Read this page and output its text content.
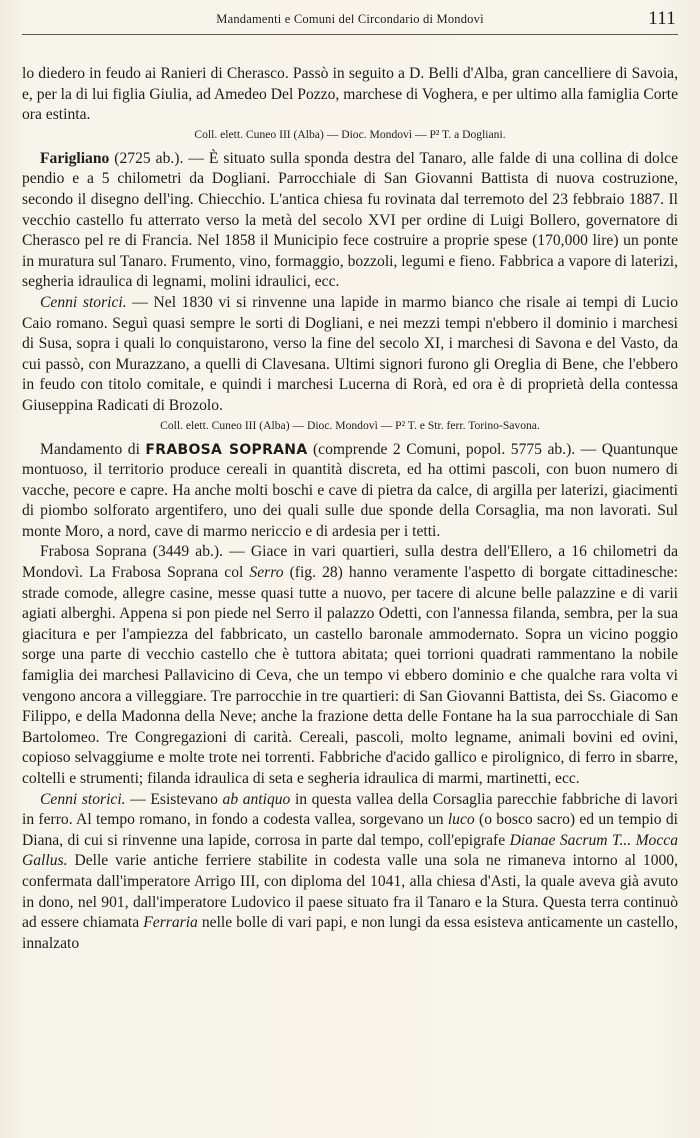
Mandamenti e Comuni del Circondario di Mondovì	111

lo diedero in feudo ai Ranieri di Cherasco. Passò in seguito a D. Belli d'Alba, gran cancelliere di Savoia, e, per la di lui figlia Giulia, ad Amedeo Del Pozzo, marchese di Voghera, e per ultimo alla famiglia Corte ora estinta.

Coll. elett. Cuneo III (Alba) — Dioc. Mondovì — P² T. a Dogliani.

Farigliano (2725 ab.). — È situato sulla sponda destra del Tanaro, alle falde di una collina di dolce pendio e a 5 chilometri da Dogliani. Parrocchiale di San Giovanni Battista di nuova costruzione, secondo il disegno dell'ing. Chiecchio. L'antica chiesa fu rovinata dal terremoto del 23 febbraio 1887. Il vecchio castello fu atterrato verso la metà del secolo XVI per ordine di Luigi Bollero, governatore di Cherasco pel re di Francia. Nel 1858 il Municipio fece costruire a proprie spese (170,000 lire) un ponte in muratura sul Tanaro. Frumento, vino, formaggio, bozzoli, legumi e fieno. Fabbrica a vapore di laterizi, segheria idraulica di legnami, molini idraulici, ecc.

Cenni storici. — Nel 1830 vi si rinvenne una lapide in marmo bianco che risale ai tempi di Lucio Caio romano. Seguì quasi sempre le sorti di Dogliani, e nei mezzi tempi n'ebbero il dominio i marchesi di Susa, sopra i quali lo conquistarono, verso la fine del secolo XI, i marchesi di Savona e del Vasto, da cui passò, con Murazzano, a quelli di Clavesana. Ultimi signori furono gli Oreglia di Bene, che l'ebbero in feudo con titolo comitale, e quindi i marchesi Lucerna di Rorà, ed ora è di proprietà della contessa Giuseppina Radicati di Brozolo.

Coll. elett. Cuneo III (Alba) — Dioc. Mondovì — P² T. e Str. ferr. Torino-Savona.

Mandamento di FRABOSA SOPRANA (comprende 2 Comuni, popol. 5775 ab.). — Quantunque montuoso, il territorio produce cereali in quantità discreta, ed ha ottimi pascoli, con buon numero di vacche, pecore e capre. Ha anche molti boschi e cave di pietra da calce, di argilla per laterizi, giacimenti di piombo solforato argentifero, uno dei quali sulle due sponde della Corsaglia, ma non lavorati. Sul monte Moro, a nord, cave di marmo nericcio e di ardesia per i tetti.

Frabosa Soprana (3449 ab.). — Giace in vari quartieri, sulla destra dell'Ellero, a 16 chilometri da Mondovì. La Frabosa Soprana col Serro (fig. 28) hanno veramente l'aspetto di borgate cittadinesche: strade comode, allegre casine, messe quasi tutte a nuovo, per tacere di alcune belle palazzine e di varii agiati alberghi. Appena si pon piede nel Serro il palazzo Odetti, con l'annessa filanda, sembra, per la sua giacitura e per l'ampiezza del fabbricato, un castello baronale ammodernato. Sopra un vicino poggio sorge una parte di vecchio castello che è tuttora abitata; quei torrioni quadrati rammentano la nobile famiglia dei marchesi Pallavicino di Ceva, che un tempo vi ebbero dominio e che qualche rara volta vi vengono ancora a villeggiare. Tre parrocchie in tre quartieri: di San Giovanni Battista, dei Ss. Giacomo e Filippo, e della Madonna della Neve; anche la frazione detta delle Fontane ha la sua parrocchiale di San Bartolomeo. Tre Congregazioni di carità. Cereali, pascoli, molto legname, animali bovini ed ovini, copioso selvaggiume e molte trote nei torrenti. Fabbriche d'acido gallico e pirolignico, di ferro in sbarre, coltelli e strumenti; filanda idraulica di seta e segheria idraulica di marmi, martinetti, ecc.

Cenni storici. — Esistevano ab antiquo in questa vallea della Corsaglia parecchie fabbriche di lavori in ferro. Al tempo romano, in fondo a codesta vallea, sorgevano un luco (o bosco sacro) ed un tempio di Diana, di cui si rinvenne una lapide, corrosa in parte dal tempo, coll'epigrafe Dianae Sacrum T... Mocca Gallus. Delle varie antiche ferriere stabilite in codesta valle una sola ne rimaneva intorno al 1000, confermata dall'imperatore Arrigo III, con diploma del 1041, alla chiesa d'Asti, la quale aveva già avuto in dono, nel 901, dall'imperatore Ludovico il paese situato fra il Tanaro e la Stura. Questa terra continuò ad essere chiamata Ferraria nelle bolle di vari papi, e non lungi da essa esisteva anticamente un castello, innalzato
